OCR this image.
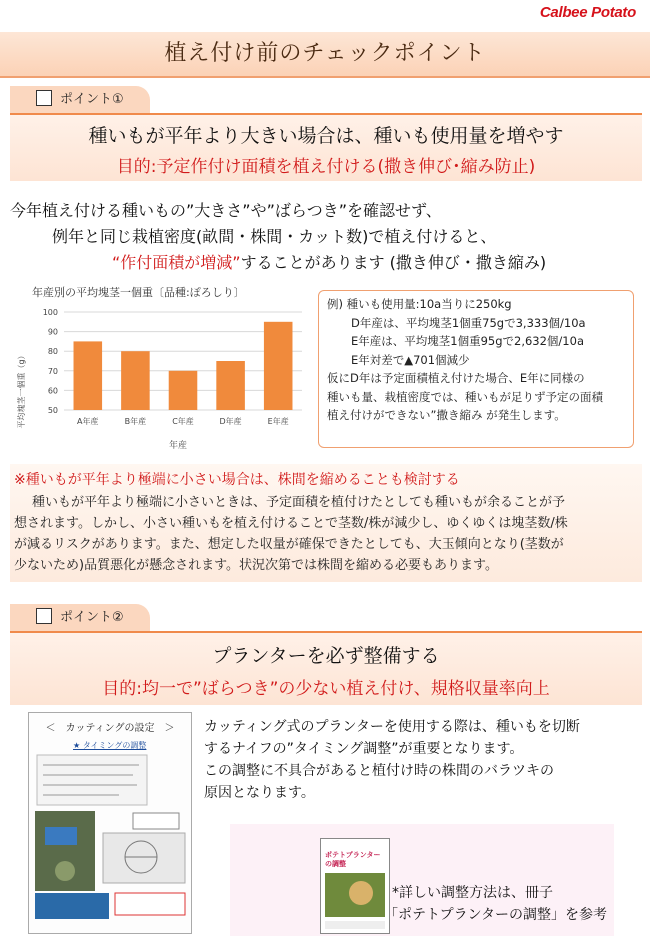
Calbee Potato
植え付け前のチェックポイント
ポイント①
種いもが平年より大きい場合は、種いも使用量を増やす
目的:予定作付け面積を植え付ける(撒き伸び･縮み防止)
今年植え付ける種いもの”大きさ”や”ばらつき”を確認せず、
例年と同じ栽植密度(畝間・株間・カット数)で植え付けると、
“作付面積が増減”することがあります (撒き伸び・撒き縮み)
年産別の平均塊茎一個重〔品種:ぽろしり〕
平均塊茎一個重（g）
年産
50
60
70
80
90
100
A年産	B年産	C年産	D年産	E年産
例) 種いも使用量:10a当りに250kg
D年産は、平均塊茎1個重75gで3,333個/10a
E年産は、平均塊茎1個重95gで2,632個/10a
E年対差で▲701個減少
仮にD年は予定面積植え付けた場合、E年に同様の
種いも量、栽植密度では、種いもが足りず予定の面積
植え付けができない”撒き縮み が発生します。
※種いもが平年より極端に小さい場合は、株間を縮めることも検討する
種いもが平年より極端に小さいときは、予定面積を植付けたとしても種いもが余ることが予
想されます。しかし、小さい種いもを植え付けることで茎数/株が減少し、ゆくゆくは塊茎数/株
が減るリスクがあります。また、想定した収量が確保できたとしても、大玉傾向となり(茎数が
少ないため)品質悪化が懸念されます。状況次第では株間を縮める必要もあります。
ポイント②
プランターを必ず整備する
目的:均一で”ばらつき”の少ない植え付け、規格収量率向上
＜　カッティングの設定　＞
★ タイミングの調整
カッティング式のプランターを使用する際は、種いもを切断
するナイフの”タイミング調整”が重要となります。
この調整に不具合があると植付け時の株間のバラツキの
原因となります。
ポテトプランターの調整
*詳しい調整方法は、冊子
「ポテトプランターの調整」を参考
